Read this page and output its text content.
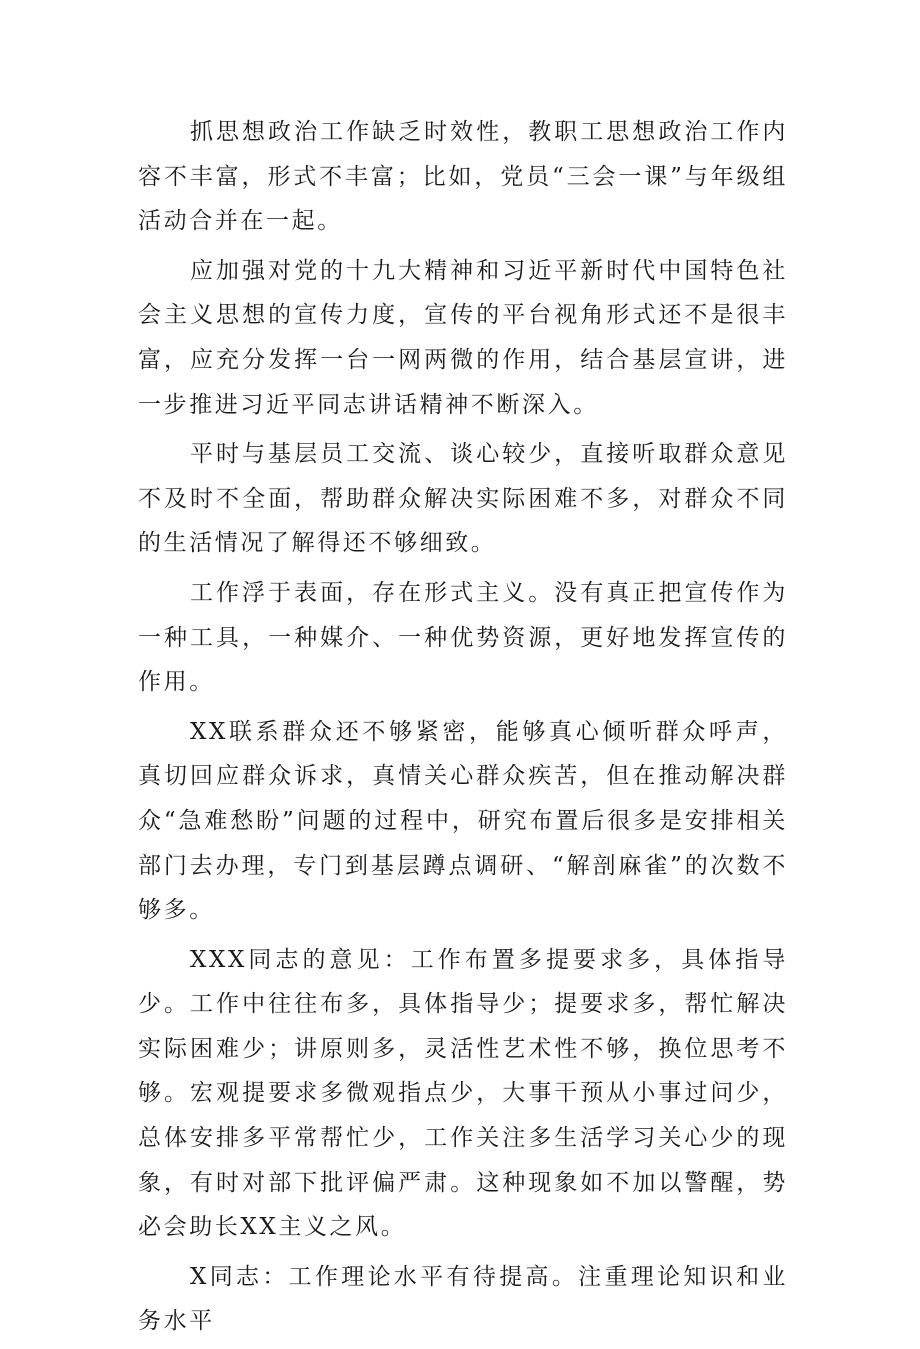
抓思想政治工作缺乏时效性，教职工思想政治工作内容不丰富，形式不丰富；比如，党员“三会一课”与年级组活动合并在一起。

应加强对党的十九大精神和习近平新时代中国特色社会主义思想的宣传力度，宣传的平台视角形式还不是很丰富，应充分发挥一台一网两微的作用，结合基层宣讲，进一步推进习近平同志讲话精神不断深入。

平时与基层员工交流、谈心较少，直接听取群众意见不及时不全面，帮助群众解决实际困难不多，对群众不同的生活情况了解得还不够细致。

工作浮于表面，存在形式主义。没有真正把宣传作为一种工具，一种媒介、一种优势资源，更好地发挥宣传的作用。

XX联系群众还不够紧密，能够真心倾听群众呼声，真切回应群众诉求，真情关心群众疾苦，但在推动解决群众“急难愁盼”问题的过程中，研究布置后很多是安排相关部门去办理，专门到基层蹲点调研、“解剖麻雀”的次数不够多。

XXX同志的意见：工作布置多提要求多，具体指导少。工作中往往布多，具体指导少；提要求多，帮忙解决实际困难少；讲原则多，灵活性艺术性不够，换位思考不够。宏观提要求多微观指点少，大事干预从小事过问少，总体安排多平常帮忙少，工作关注多生活学习关心少的现象，有时对部下批评偏严肃。这种现象如不加以警醒，势必会助长XX主义之风。

X同志：工作理论水平有待提高。注重理论知识和业务水平
